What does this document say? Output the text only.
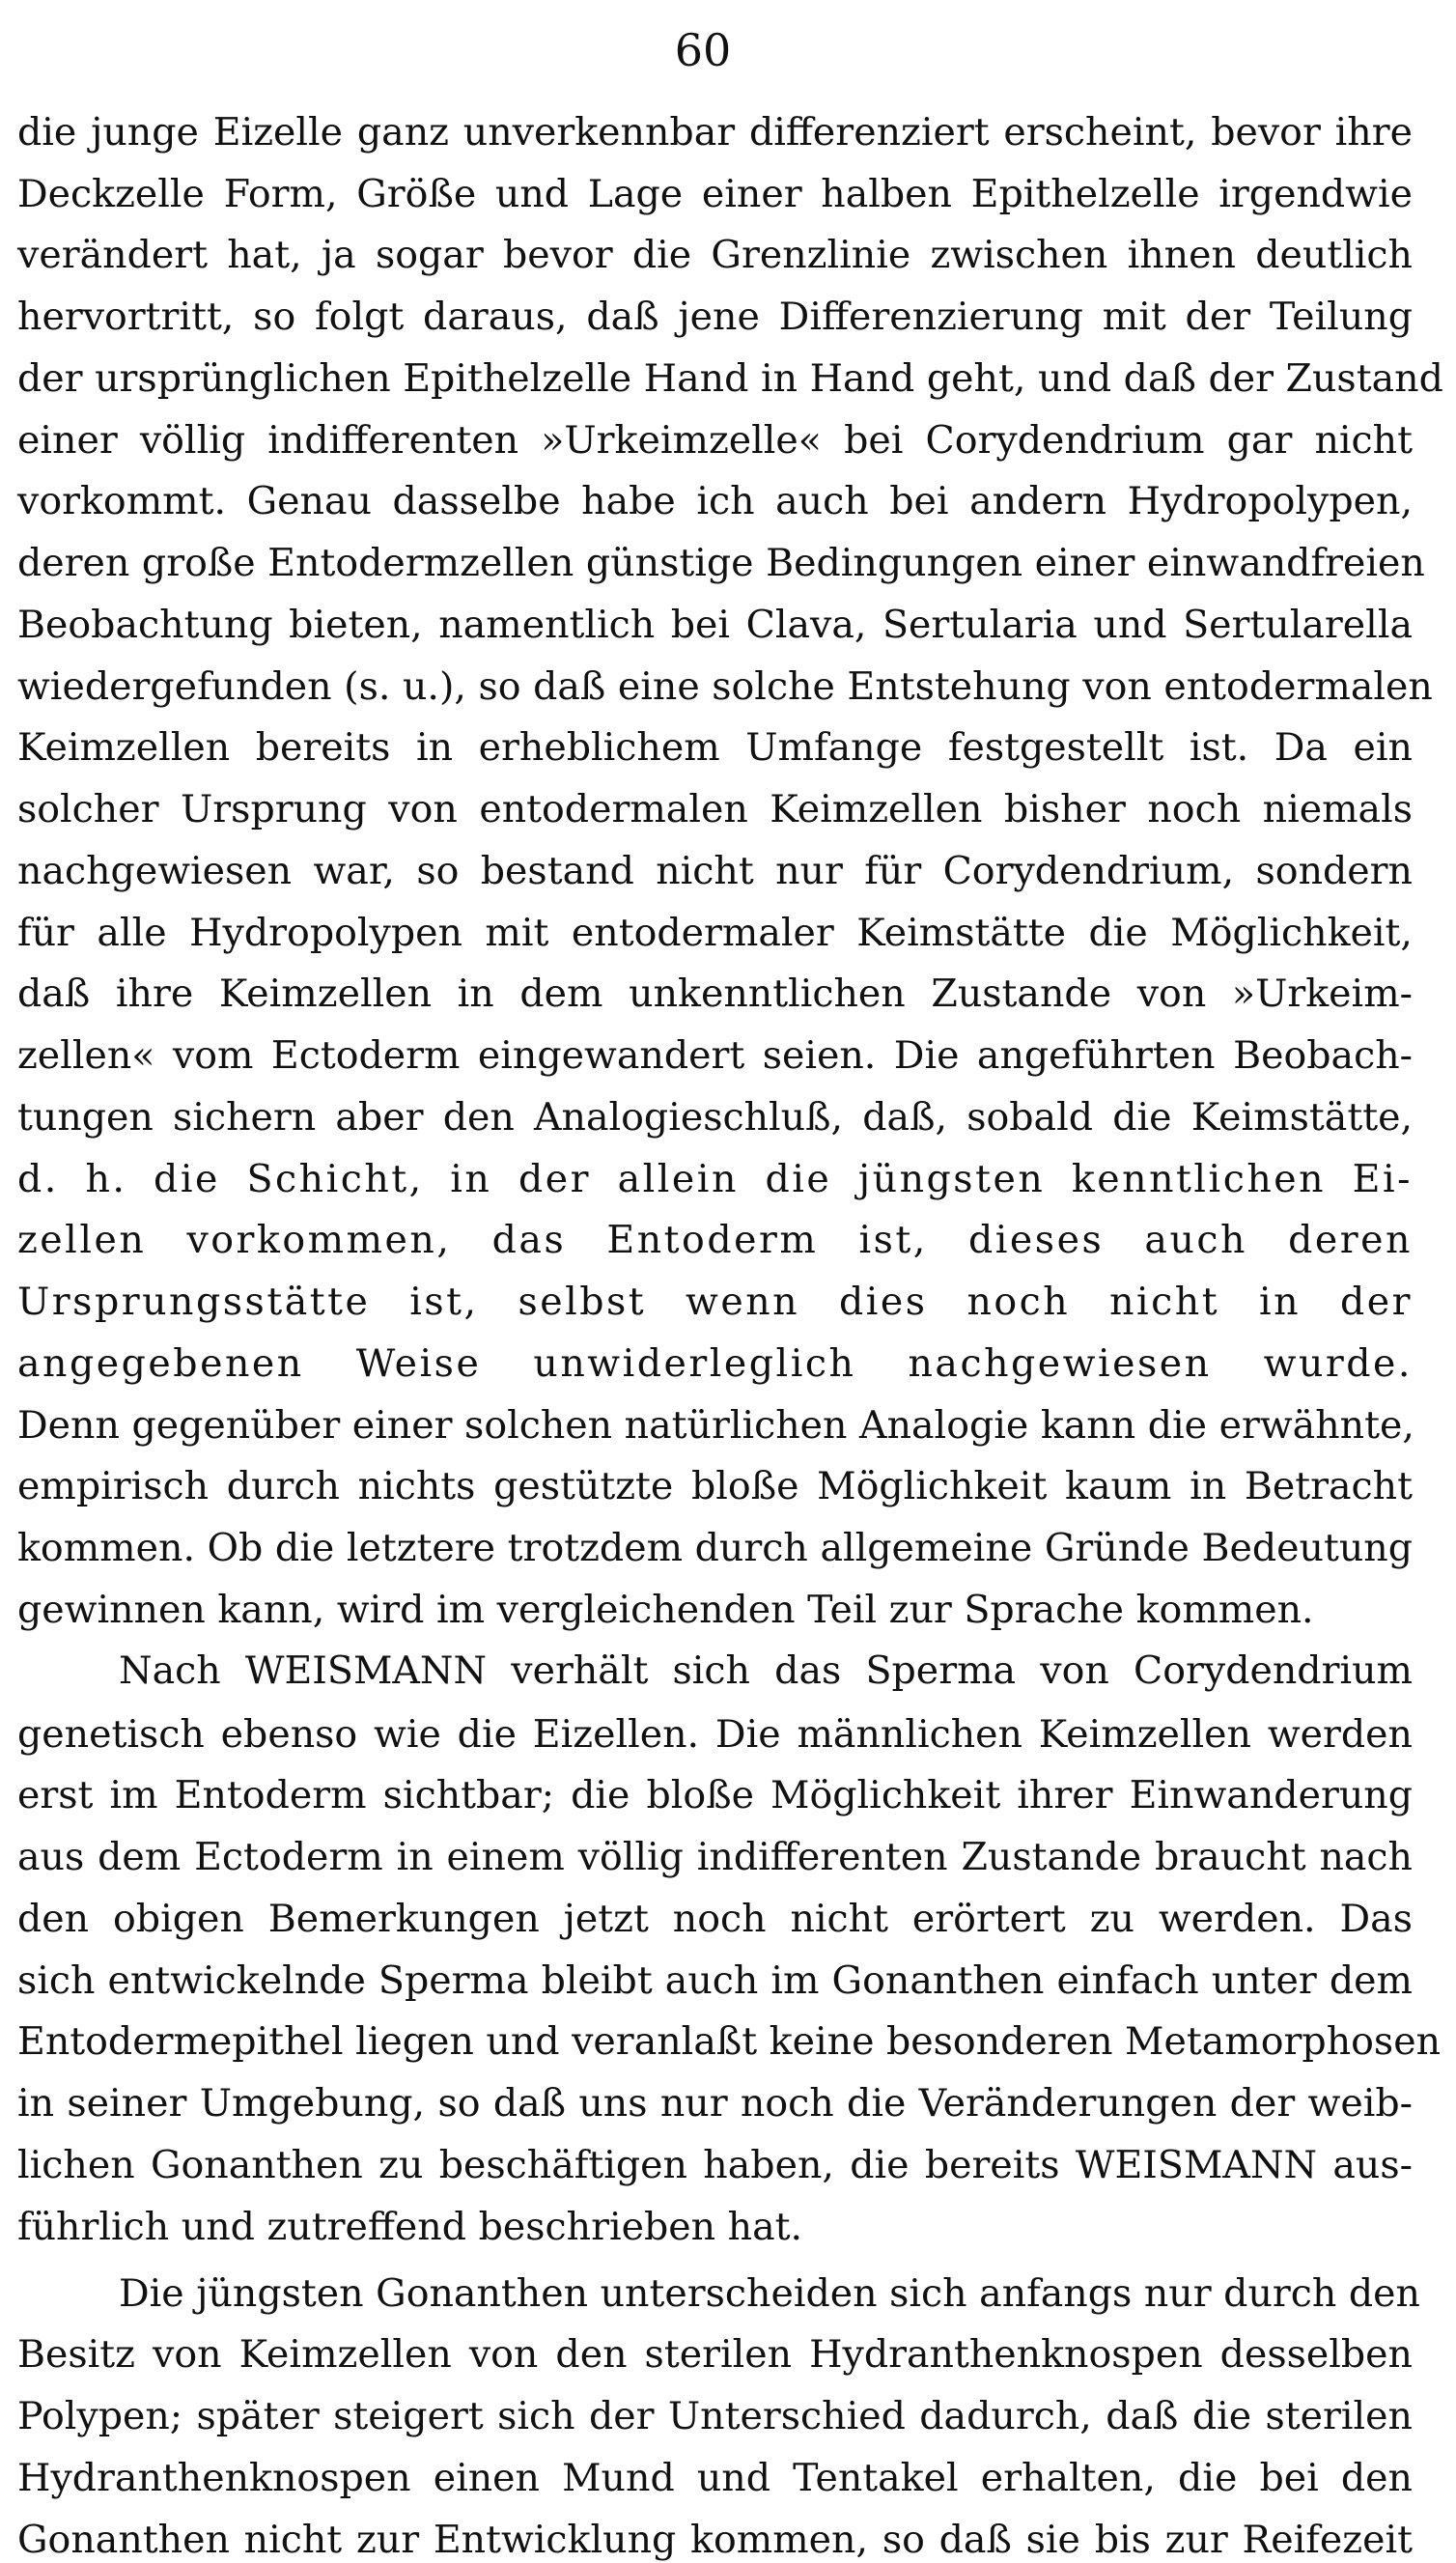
60
die junge Eizelle ganz unverkennbar differenziert erscheint, bevor ihre
Deckzelle Form, Größe und Lage einer halben Epithelzelle irgendwie
verändert hat, ja sogar bevor die Grenzlinie zwischen ihnen deutlich
hervortritt, so folgt daraus, daß jene Differenzierung mit der Teilung
der ursprünglichen Epithelzelle Hand in Hand geht, und daß der Zustand
einer völlig indifferenten »Urkeimzelle« bei Corydendrium gar nicht
vorkommt. Genau dasselbe habe ich auch bei andern Hydropolypen,
deren große Entodermzellen günstige Bedingungen einer einwandfreien
Beobachtung bieten, namentlich bei Clava, Sertularia und Sertularella
wiedergefunden (s. u.), so daß eine solche Entstehung von entodermalen
Keimzellen bereits in erheblichem Umfange festgestellt ist. Da ein
solcher Ursprung von entodermalen Keimzellen bisher noch niemals
nachgewiesen war, so bestand nicht nur für Corydendrium, sondern
für alle Hydropolypen mit entodermaler Keimstätte die Möglichkeit,
daß ihre Keimzellen in dem unkenntlichen Zustande von »Urkeim-
zellen« vom Ectoderm eingewandert seien. Die angeführten Beobach-
tungen sichern aber den Analogieschluß, daß, sobald die Keimstätte,
d. h. die Schicht, in der allein die jüngsten kenntlichen Ei-
zellen vorkommen, das Entoderm ist, dieses auch deren
Ursprungsstätte ist, selbst wenn dies noch nicht in der
angegebenen Weise unwiderleglich nachgewiesen wurde.
Denn gegenüber einer solchen natürlichen Analogie kann die erwähnte,
empirisch durch nichts gestützte bloße Möglichkeit kaum in Betracht
kommen. Ob die letztere trotzdem durch allgemeine Gründe Bedeutung
gewinnen kann, wird im vergleichenden Teil zur Sprache kommen.
Nach WEISMANN verhält sich das Sperma von Corydendrium
genetisch ebenso wie die Eizellen. Die männlichen Keimzellen werden
erst im Entoderm sichtbar; die bloße Möglichkeit ihrer Einwanderung
aus dem Ectoderm in einem völlig indifferenten Zustande braucht nach
den obigen Bemerkungen jetzt noch nicht erörtert zu werden. Das
sich entwickelnde Sperma bleibt auch im Gonanthen einfach unter dem
Entodermepithel liegen und veranlaßt keine besonderen Metamorphosen
in seiner Umgebung, so daß uns nur noch die Veränderungen der weib-
lichen Gonanthen zu beschäftigen haben, die bereits WEISMANN aus-
führlich und zutreffend beschrieben hat.
Die jüngsten Gonanthen unterscheiden sich anfangs nur durch den
Besitz von Keimzellen von den sterilen Hydranthenknospen desselben
Polypen; später steigert sich der Unterschied dadurch, daß die sterilen
Hydranthenknospen einen Mund und Tentakel erhalten, die bei den
Gonanthen nicht zur Entwicklung kommen, so daß sie bis zur Reifezeit
